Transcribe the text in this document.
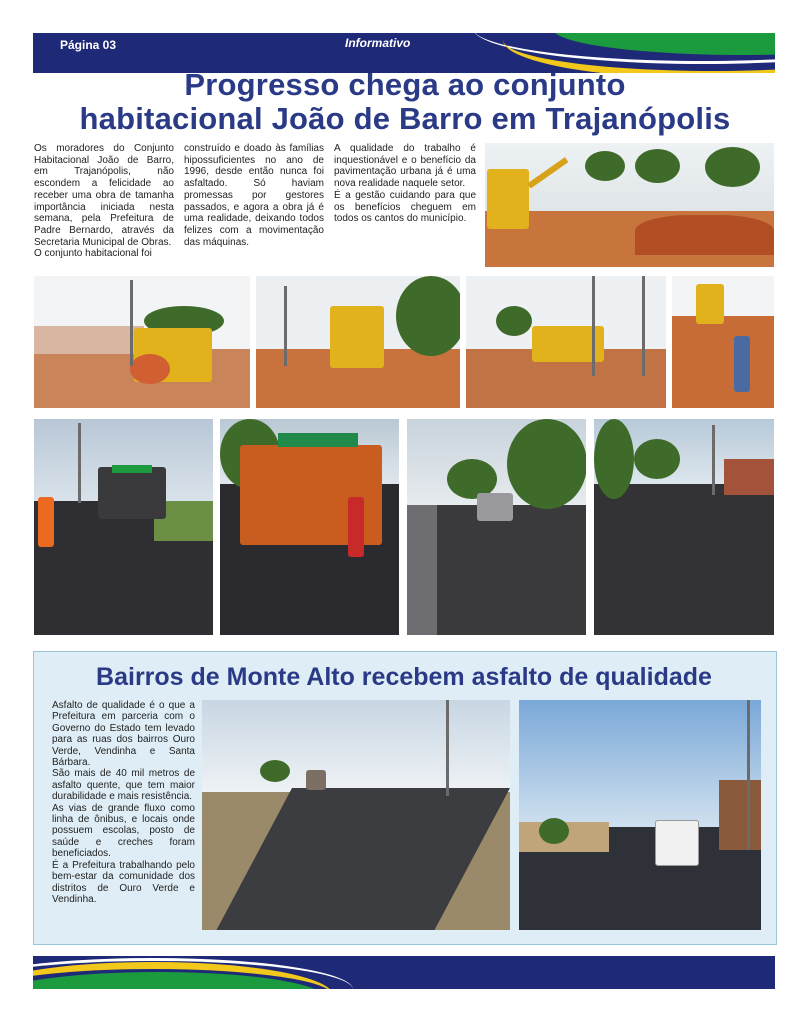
Página 03	Informativo
Progresso chega ao conjunto
habitacional João de Barro em Trajanópolis

Os moradores do Conjunto Habitacional João de Barro, em Trajanópolis, não escondem a felicidade ao receber uma obra de tamanha importância iniciada nesta semana, pela Prefeitura de Padre Bernardo, através da Secretaria Municipal de Obras.

O conjunto habitacional foi

construído e doado às famílias hipossuficientes no ano de 1996, desde então nunca foi asfaltado. Só haviam promessas por gestores passados, e agora a obra já é uma realidade, deixando todos felizes com a movimentação das máquinas.

A qualidade do trabalho é inquestionável e o benefício da pavimentação urbana já é uma nova realidade naquele setor.

É a gestão cuidando para que os benefícios cheguem em todos os cantos do município.

Bairros de Monte Alto recebem asfalto de qualidade

Asfalto de qualidade é o que a Prefeitura em parceria com o Governo do Estado tem levado para as ruas dos bairros Ouro Verde, Vendinha e Santa Bárbara.

São mais de 40 mil metros de asfalto quente, que tem maior durabilidade e mais resistência.

As vias de grande fluxo como linha de ônibus, e locais onde possuem escolas, posto de saúde e creches foram beneficiados.

É a Prefeitura trabalhando pelo bem-estar da comunidade dos distritos de Ouro Verde e Vendinha.
